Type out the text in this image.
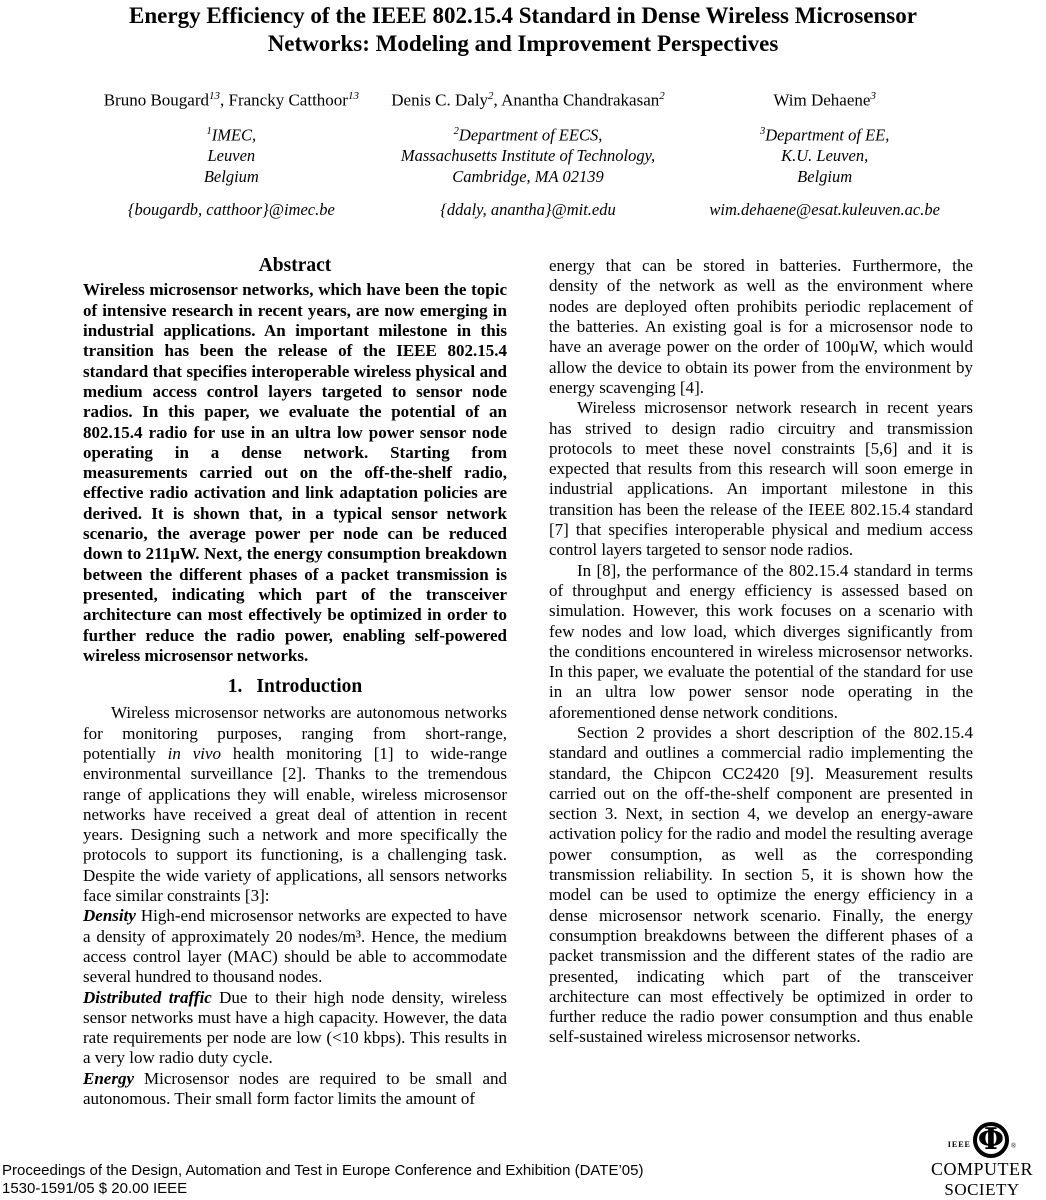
Energy Efficiency of the IEEE 802.15.4 Standard in Dense Wireless Microsensor
Networks: Modeling and Improvement Perspectives
Bruno Bougard$^{13}$, Francky Catthoor$^{13}$	Denis C. Daly$^2$, Anantha Chandrakasan$^2$	Wim Dehaene$^3$
$^1$IMEC,
Leuven
Belgium
$^2$Department of EECS,
Massachusetts Institute of Technology,
Cambridge, MA 02139
$^3$Department of EE,
K.U. Leuven,
Belgium
{bougardb, catthoor}@imec.be	{ddaly, anantha}@mit.edu	wim.dehaene@esat.kuleuven.ac.be
Abstract

Wireless microsensor networks, which have been the topic of intensive research in recent years, are now emerging in industrial applications. An important milestone in this transition has been the release of the IEEE 802.15.4 standard that specifies interoperable wireless physical and medium access control layers targeted to sensor node radios. In this paper, we evaluate the potential of an 802.15.4 radio for use in an ultra low power sensor node operating in a dense network. Starting from measurements carried out on the off-the-shelf radio, effective radio activation and link adaptation policies are derived. It is shown that, in a typical sensor network scenario, the average power per node can be reduced down to 211μW. Next, the energy consumption breakdown between the different phases of a packet transmission is presented, indicating which part of the transceiver architecture can most effectively be optimized in order to further reduce the radio power, enabling self-powered wireless microsensor networks.

1. Introduction

Wireless microsensor networks are autonomous networks for monitoring purposes, ranging from short-range, potentially in vivo health monitoring [1] to wide-range environmental surveillance [2]. Thanks to the tremendous range of applications they will enable, wireless microsensor networks have received a great deal of attention in recent years. Designing such a network and more specifically the protocols to support its functioning, is a challenging task. Despite the wide variety of applications, all sensors networks face similar constraints [3]:

Density High-end microsensor networks are expected to have a density of approximately 20 nodes/m³. Hence, the medium access control layer (MAC) should be able to accommodate several hundred to thousand nodes.

Distributed traffic Due to their high node density, wireless sensor networks must have a high capacity. However, the data rate requirements per node are low (<10 kbps). This results in a very low radio duty cycle.

Energy Microsensor nodes are required to be small and autonomous. Their small form factor limits the amount of

energy that can be stored in batteries. Furthermore, the density of the network as well as the environment where nodes are deployed often prohibits periodic replacement of the batteries. An existing goal is for a microsensor node to have an average power on the order of 100μW, which would allow the device to obtain its power from the environment by energy scavenging [4].

Wireless microsensor network research in recent years has strived to design radio circuitry and transmission protocols to meet these novel constraints [5,6] and it is expected that results from this research will soon emerge in industrial applications. An important milestone in this transition has been the release of the IEEE 802.15.4 standard [7] that specifies interoperable physical and medium access control layers targeted to sensor node radios.

In [8], the performance of the 802.15.4 standard in terms of throughput and energy efficiency is assessed based on simulation. However, this work focuses on a scenario with few nodes and low load, which diverges significantly from the conditions encountered in wireless microsensor networks. In this paper, we evaluate the potential of the standard for use in an ultra low power sensor node operating in the aforementioned dense network conditions.

Section 2 provides a short description of the 802.15.4 standard and outlines a commercial radio implementing the standard, the Chipcon CC2420 [9]. Measurement results carried out on the off-the-shelf component are presented in section 3. Next, in section 4, we develop an energy-aware activation policy for the radio and model the resulting average power consumption, as well as the corresponding transmission reliability. In section 5, it is shown how the model can be used to optimize the energy efficiency in a dense microsensor network scenario. Finally, the energy consumption breakdowns between the different phases of a packet transmission and the different states of the radio are presented, indicating which part of the transceiver architecture can most effectively be optimized in order to further reduce the radio power consumption and thus enable self-sustained wireless microsensor networks.

Proceedings of the Design, Automation and Test in Europe Conference and Exhibition (DATE’05)
1530-1591/05 $ 20.00 IEEE
IEEE Φ ®
COMPUTER
SOCIETY
